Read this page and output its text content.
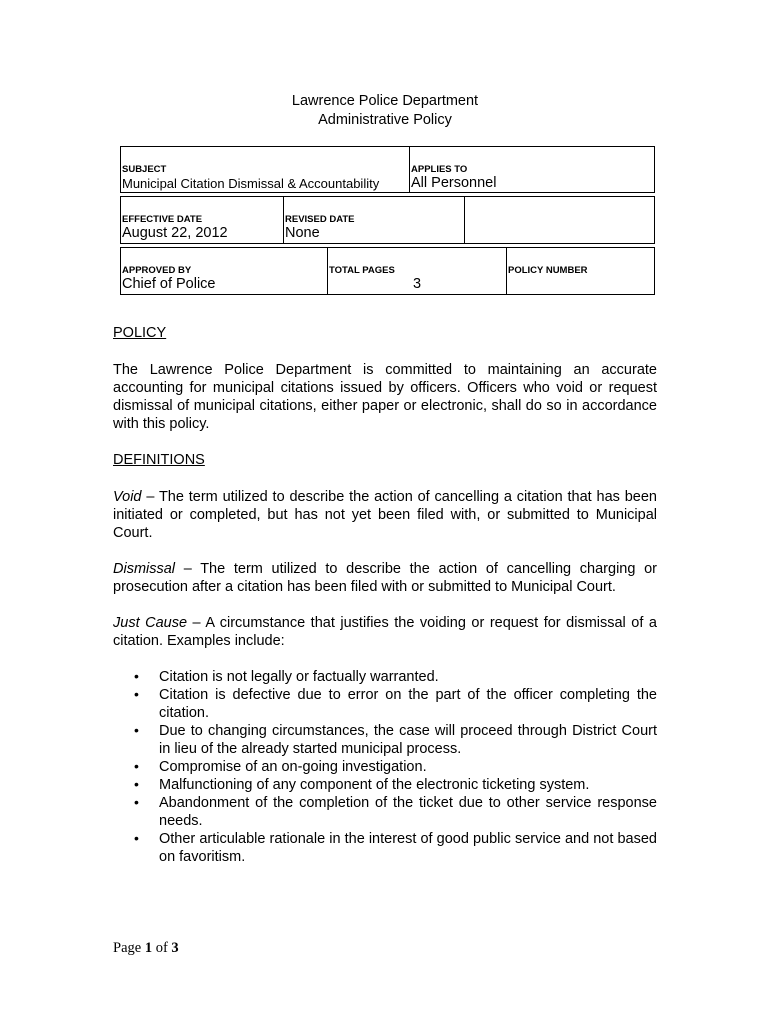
Lawrence Police Department
Administrative Policy
SUBJECT
Municipal Citation Dismissal & Accountability
APPLIES TO
All Personnel
EFFECTIVE DATE
August 22, 2012
REVISED DATE
None
APPROVED BY
Chief of Police
TOTAL PAGES
3
POLICY NUMBER
POLICY
The Lawrence Police Department is committed to maintaining an accurate accounting for municipal citations issued by officers. Officers who void or request dismissal of municipal citations, either paper or electronic, shall do so in accordance with this policy.
DEFINITIONS
Void – The term utilized to describe the action of cancelling a citation that has been initiated or completed, but has not yet been filed with, or submitted to Municipal Court.
Dismissal – The term utilized to describe the action of cancelling charging or prosecution after a citation has been filed with or submitted to Municipal Court.
Just Cause – A circumstance that justifies the voiding or request for dismissal of a citation. Examples include:
• Citation is not legally or factually warranted.
• Citation is defective due to error on the part of the officer completing the citation.
• Due to changing circumstances, the case will proceed through District Court in lieu of the already started municipal process.
• Compromise of an on-going investigation.
• Malfunctioning of any component of the electronic ticketing system.
• Abandonment of the completion of the ticket due to other service response needs.
• Other articulable rationale in the interest of good public service and not based on favoritism.
Page 1 of 3
